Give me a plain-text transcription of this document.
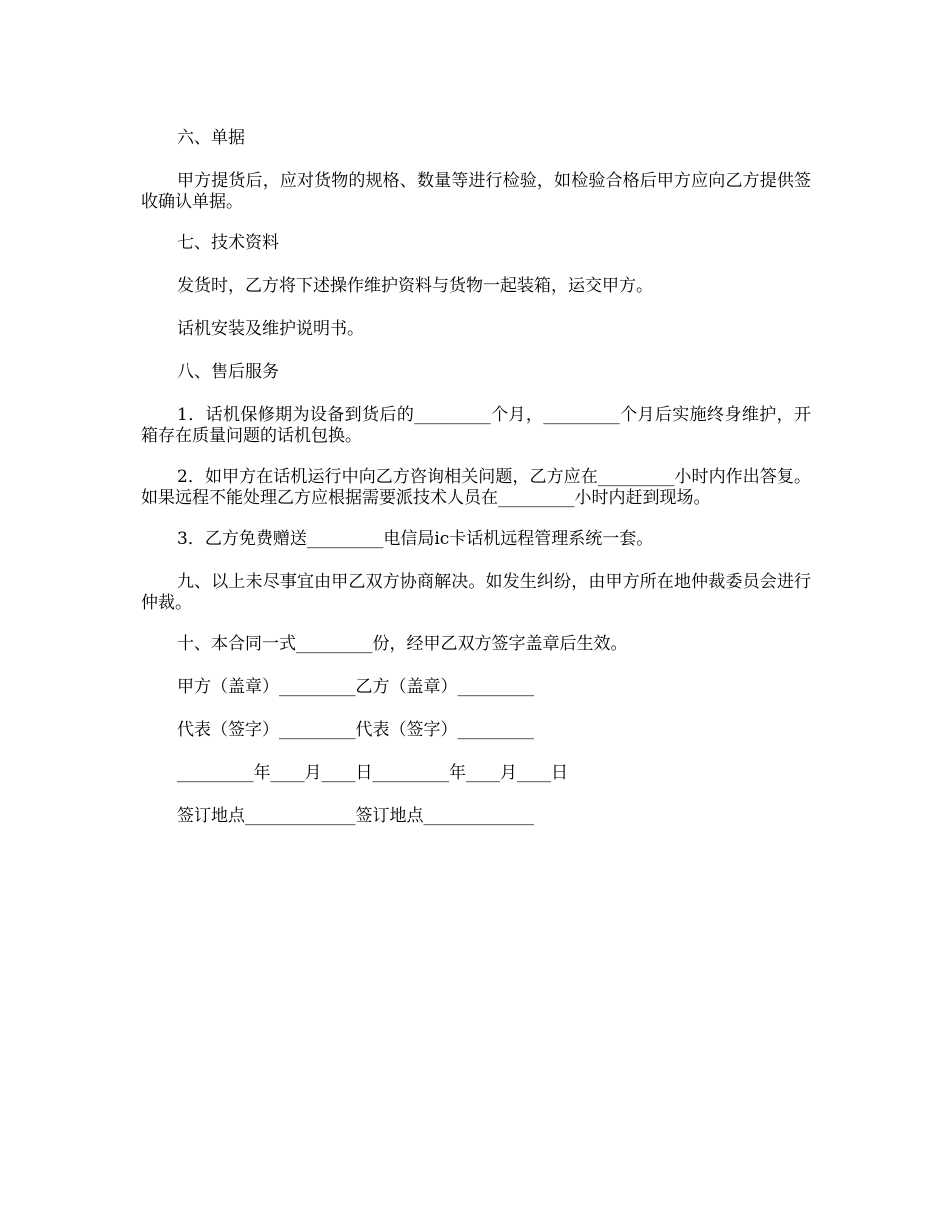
六、单据

甲方提货后，应对货物的规格、数量等进行检验，如检验合格后甲方应向乙方提供签收确认单据。

七、技术资料

发货时，乙方将下述操作维护资料与货物一起装箱，运交甲方。

话机安装及维护说明书。

八、售后服务

1．话机保修期为设备到货后的_________个月，_________个月后实施终身维护，开箱存在质量问题的话机包换。

2．如甲方在话机运行中向乙方咨询相关问题，乙方应在_________小时内作出答复。如果远程不能处理乙方应根据需要派技术人员在_________小时内赶到现场。

3．乙方免费赠送_________电信局ic卡话机远程管理系统一套。

九、以上未尽事宜由甲乙双方协商解决。如发生纠纷，由甲方所在地仲裁委员会进行仲裁。

十、本合同一式_________份，经甲乙双方签字盖章后生效。

甲方（盖章）_________乙方（盖章）_________

代表（签字）_________代表（签字）_________

_________年____月____日_________年____月____日

签订地点_____________签订地点_____________
